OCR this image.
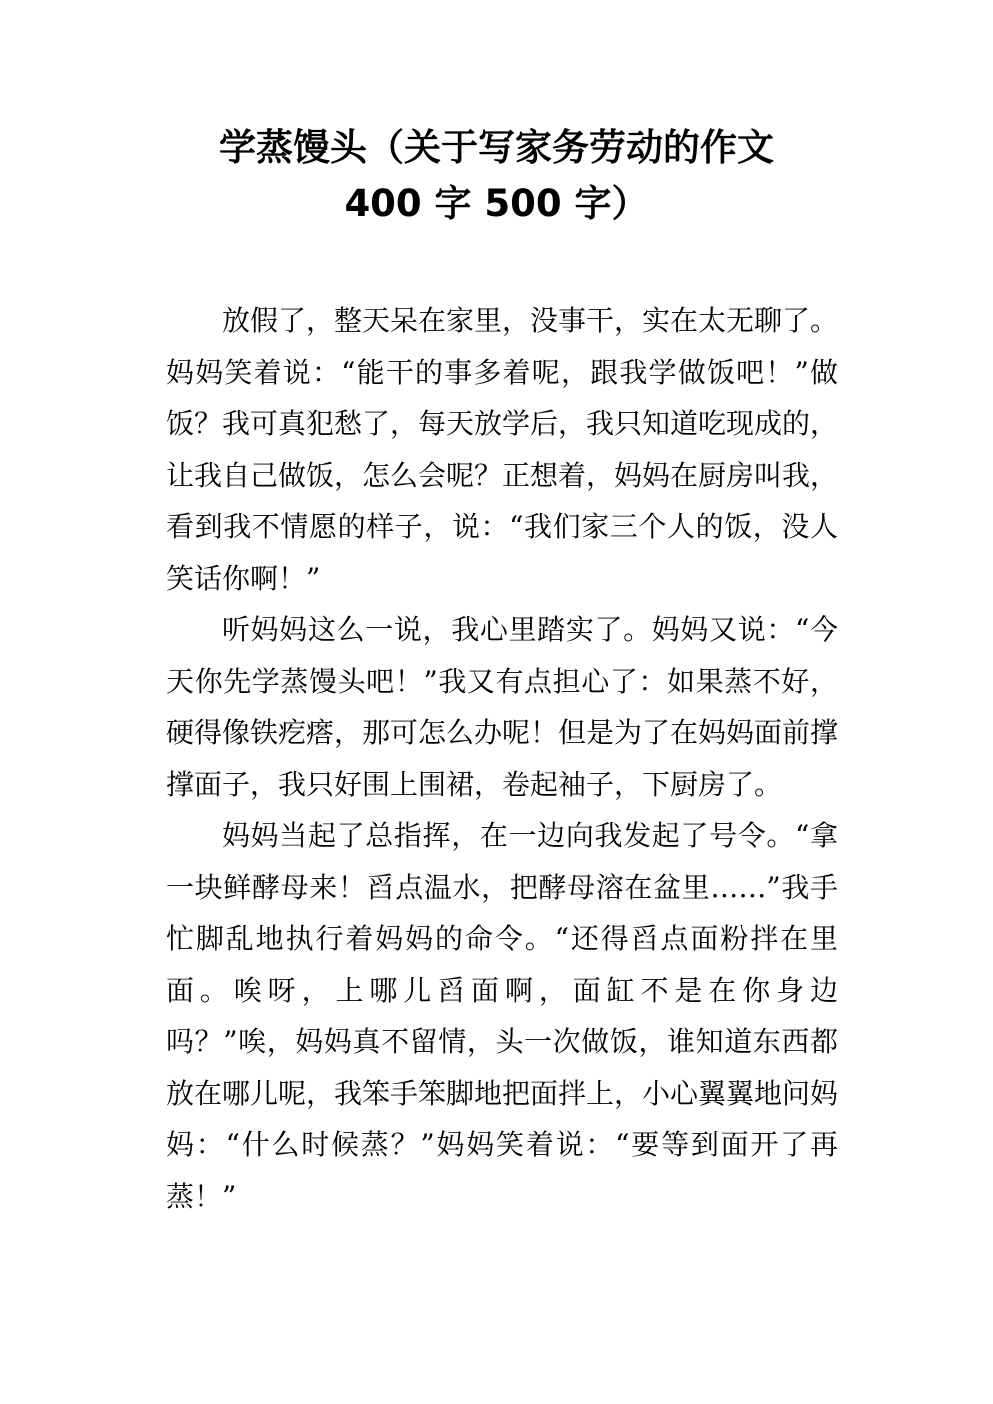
学蒸馒头（关于写家务劳动的作文
400 字 500 字）

放假了，整天呆在家里，没事干，实在太无聊了。妈妈笑着说：“能干的事多着呢，跟我学做饭吧！”做饭？我可真犯愁了，每天放学后，我只知道吃现成的，让我自己做饭，怎么会呢？正想着，妈妈在厨房叫我，看到我不情愿的样子，说：“我们家三个人的饭，没人笑话你啊！”

听妈妈这么一说，我心里踏实了。妈妈又说：“今天你先学蒸馒头吧！”我又有点担心了：如果蒸不好，硬得像铁疙瘩，那可怎么办呢！但是为了在妈妈面前撑撑面子，我只好围上围裙，卷起袖子，下厨房了。

妈妈当起了总指挥，在一边向我发起了号令。“拿一块鲜酵母来！舀点温水，把酵母溶在盆里……”我手忙脚乱地执行着妈妈的命令。“还得舀点面粉拌在里面。唉呀，上哪儿舀面啊，面缸不是在你身边吗？”唉，妈妈真不留情，头一次做饭，谁知道东西都放在哪儿呢，我笨手笨脚地把面拌上，小心翼翼地问妈妈：“什么时候蒸？”妈妈笑着说：“要等到面开了再蒸！”
